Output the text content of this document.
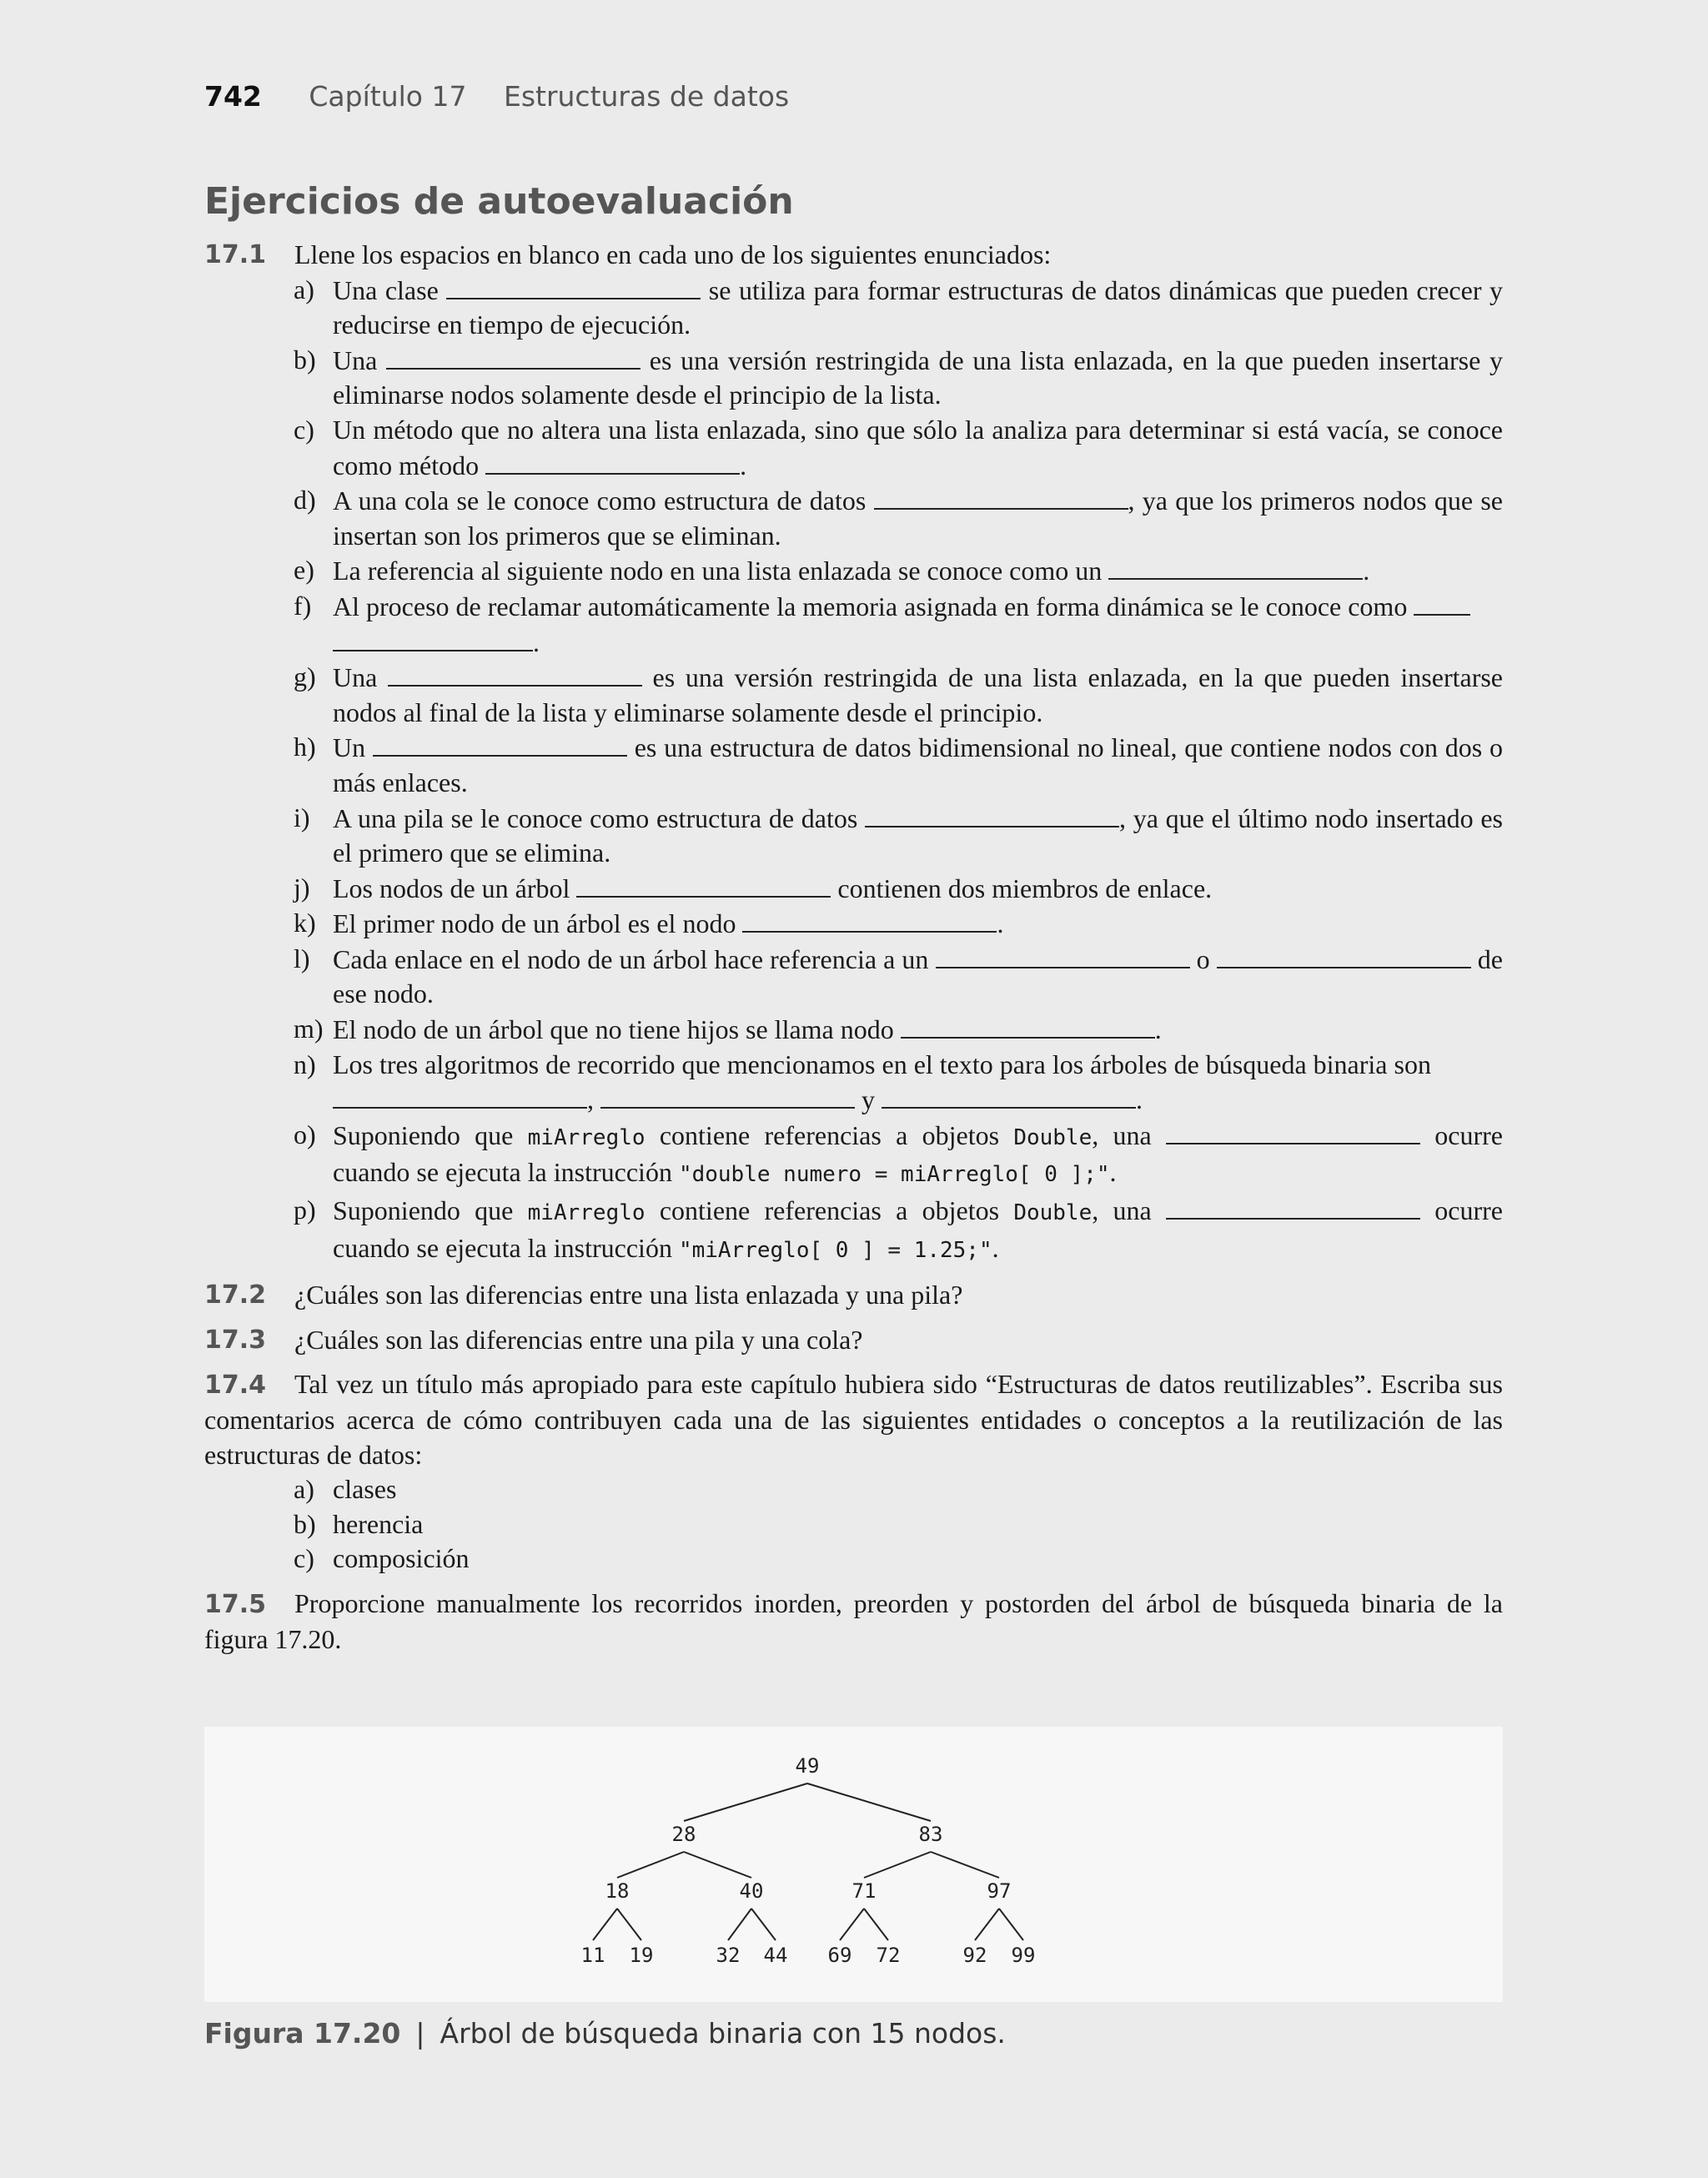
742 Capítulo 17 Estructuras de datos
Ejercicios de autoevaluación
17.1 Llene los espacios en blanco en cada uno de los siguientes enunciados:
a) Una clase	se utiliza para formar estructuras de datos dinámicas que pueden crecer y reducirse en tiempo de ejecución.
b) Una	es una versión restringida de una lista enlazada, en la que pueden insertarse y eliminarse nodos solamente desde el principio de la lista.
c) Un método que no altera una lista enlazada, sino que sólo la analiza para determinar si está vacía, se conoce como método	.
d) A una cola se le conoce como estructura de datos	, ya que los primeros nodos que se insertan son los primeros que se eliminan.
e) La referencia al siguiente nodo en una lista enlazada se conoce como un	.
f) Al proceso de reclamar automáticamente la memoria asignada en forma dinámica se le conoce como
.
g) Una	es una versión restringida de una lista enlazada, en la que pueden insertarse nodos al final de la lista y eliminarse solamente desde el principio.
h) Un	es una estructura de datos bidimensional no lineal, que contiene nodos con dos o más enlaces.
i) A una pila se le conoce como estructura de datos	, ya que el último nodo insertado es el primero que se elimina.
j) Los nodos de un árbol	contienen dos miembros de enlace.
k) El primer nodo de un árbol es el nodo	.
l) Cada enlace en el nodo de un árbol hace referencia a un	o	de ese nodo.
m) El nodo de un árbol que no tiene hijos se llama nodo	.
n) Los tres algoritmos de recorrido que mencionamos en el texto para los árboles de búsqueda binaria son
,	y	.
o) Suponiendo que miArreglo contiene referencias a objetos Double, una	ocurre cuando se ejecuta la instrucción "double numero = miArreglo[ 0 ];".
p) Suponiendo que miArreglo contiene referencias a objetos Double, una	ocurre cuando se ejecuta la instrucción "miArreglo[ 0 ] = 1.25;".
17.2 ¿Cuáles son las diferencias entre una lista enlazada y una pila?
17.3 ¿Cuáles son las diferencias entre una pila y una cola?

17.4 Tal vez un título más apropiado para este capítulo hubiera sido “Estructuras de datos reutilizables”. Escriba sus comentarios acerca de cómo contribuyen cada una de las siguientes entidades o conceptos a la reutilización de las estructuras de datos:

a) clases
b) herencia
c) composición

17.5 Proporcione manualmente los recorridos inorden, preorden y postorden del árbol de búsqueda binaria de la figura 17.20.

49
28	83
18	40	71	97
11 19	32 44 69 72	92 99
Figura 17.20 | Árbol de búsqueda binaria con 15 nodos.
